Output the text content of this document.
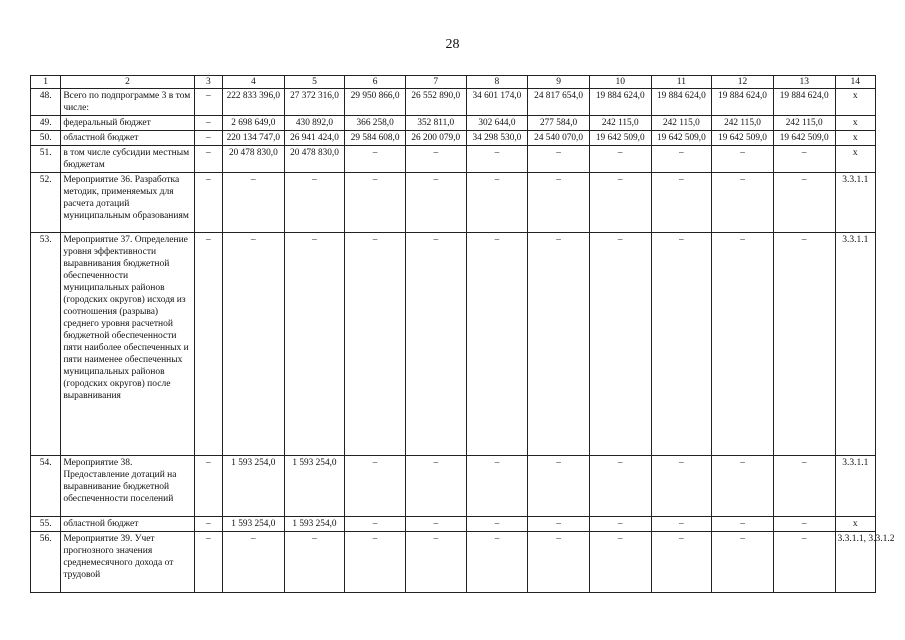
28
1	2	3	4	5	6	7	8	9	10	11	12	13	14
48.	Всего по подпрограмме 3 в том числе:	–	222 833 396,0	27 372 316,0	29 950 866,0	26 552 890,0	34 601 174,0	24 817 654,0	19 884 624,0	19 884 624,0	19 884 624,0	19 884 624,0	x
49.	федеральный бюджет	–	2 698 649,0	430 892,0	366 258,0	352 811,0	302 644,0	277 584,0	242 115,0	242 115,0	242 115,0	242 115,0	x
50.	областной бюджет	–	220 134 747,0	26 941 424,0	29 584 608,0	26 200 079,0	34 298 530,0	24 540 070,0	19 642 509,0	19 642 509,0	19 642 509,0	19 642 509,0	x
51.	в том числе субсидии местным бюджетам	–	20 478 830,0	20 478 830,0	–	–	–	–	–	–	–	–	x
52.	Мероприятие 36. Разработка методик, применяемых для расчета дотаций муниципальным образованиям	–	–	–	–	–	–	–	–	–	–	–	3.3.1.1
53.	Мероприятие 37. Определение уровня эффективности выравнивания бюджетной обеспеченности муниципальных районов (городских округов) исходя из соотношения (разрыва) среднего уровня расчетной бюджетной обеспеченности пяти наиболее обеспеченных и пяти наименее обеспеченных муниципальных районов (городских округов) после выравнивания	–	–	–	–	–	–	–	–	–	–	–	3.3.1.1
54.	Мероприятие 38. Предоставление дотаций на выравнивание бюджетной обеспеченности поселений	–	1 593 254,0	1 593 254,0	–	–	–	–	–	–	–	–	3.3.1.1
55.	областной бюджет	–	1 593 254,0	1 593 254,0	–	–	–	–	–	–	–	–	x
56.	Мероприятие 39. Учет прогнозного значения среднемесячного дохода от трудовой	–	–	–	–	–	–	–	–	–	–	–	3.3.1.1, 3.3.1.2
